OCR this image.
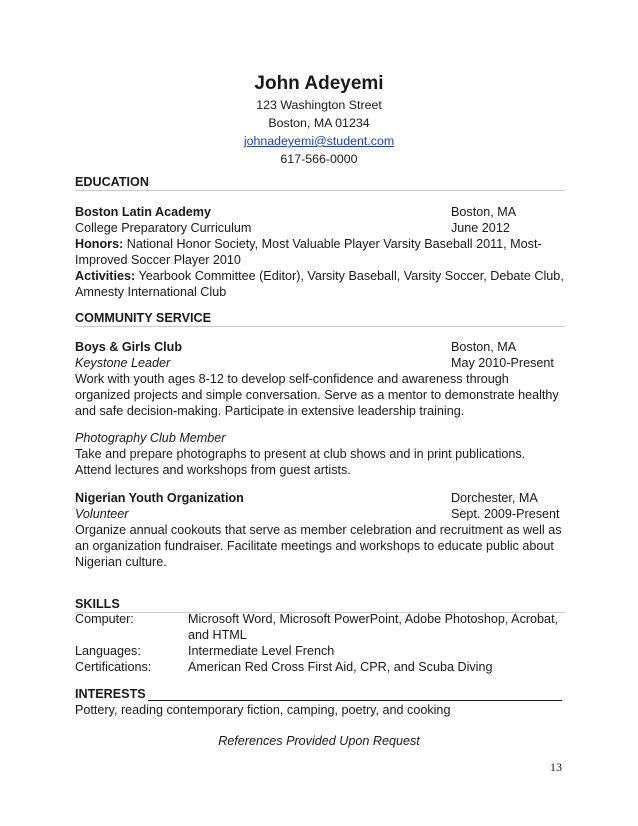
John Adeyemi
123 Washington Street
Boston, MA 01234
johnadeyemi@student.com
617-566-0000
EDUCATION
Boston Latin Academy	Boston, MA
College Preparatory Curriculum	June 2012
Honors: National Honor Society, Most Valuable Player Varsity Baseball 2011, Most-
Improved Soccer Player 2010
Activities: Yearbook Committee (Editor), Varsity Baseball, Varsity Soccer, Debate Club,
Amnesty International Club
COMMUNITY SERVICE
Boys & Girls Club	Boston, MA
Keystone Leader	May 2010-Present
Work with youth ages 8-12 to develop self-confidence and awareness through
organized projects and simple conversation. Serve as a mentor to demonstrate healthy
and safe decision-making. Participate in extensive leadership training.
Photography Club Member
Take and prepare photographs to present at club shows and in print publications.
Attend lectures and workshops from guest artists.
Nigerian Youth Organization	Dorchester, MA
Volunteer	Sept. 2009-Present
Organize annual cookouts that serve as member celebration and recruitment as well as
an organization fundraiser. Facilitate meetings and workshops to educate public about
Nigerian culture.
SKILLS
Computer:	Microsoft Word, Microsoft PowerPoint, Adobe Photoshop, Acrobat,
and HTML
Languages:	Intermediate Level French
Certifications:	American Red Cross First Aid, CPR, and Scuba Diving
INTERESTS
Pottery, reading contemporary fiction, camping, poetry, and cooking
References Provided Upon Request
13
